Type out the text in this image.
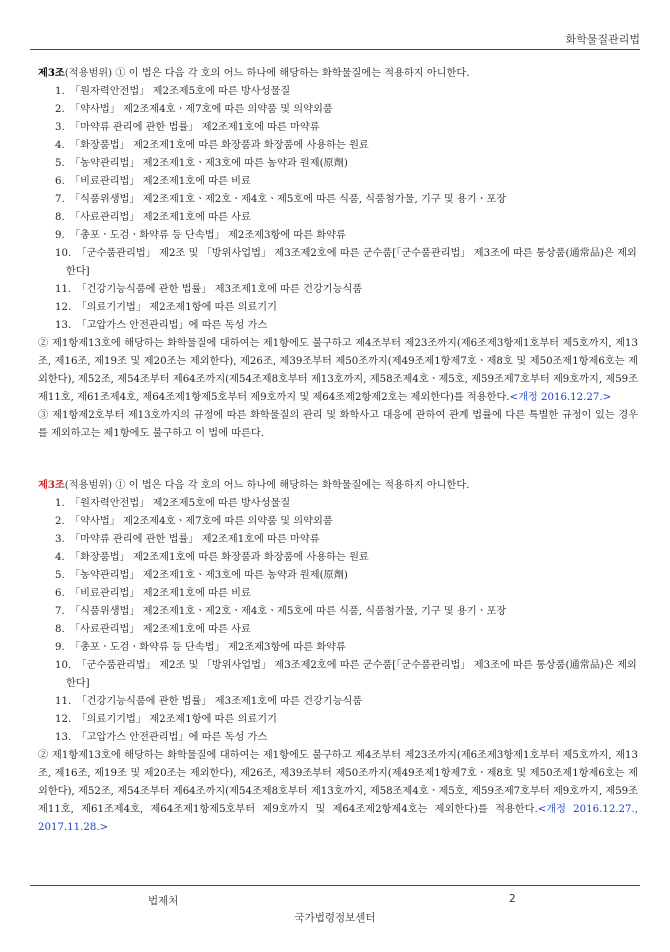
화학물질관리법
제3조(적용범위) ① 이 법은 다음 각 호의 어느 하나에 해당하는 화학물질에는 적용하지 아니한다.
1. 「원자력안전법」 제2조제5호에 따른 방사성물질
2. 「약사법」 제2조제4호ㆍ제7호에 따른 의약품 및 의약외품
3. 「마약류 관리에 관한 법률」 제2조제1호에 따른 마약류
4. 「화장품법」 제2조제1호에 따른 화장품과 화장품에 사용하는 원료
5. 「농약관리법」 제2조제1호ㆍ제3호에 따른 농약과 원제(原劑)
6. 「비료관리법」 제2조제1호에 따른 비료
7. 「식품위생법」 제2조제1호ㆍ제2호ㆍ제4호ㆍ제5호에 따른 식품, 식품첨가물, 기구 및 용기ㆍ포장
8. 「사료관리법」 제2조제1호에 따른 사료
9. 「총포ㆍ도검ㆍ화약류 등 단속법」 제2조제3항에 따른 화약류
10. 「군수품관리법」 제2조 및 「방위사업법」 제3조제2호에 따른 군수품[「군수품관리법」 제3조에 따른 통상품(通常品)은 제외한다]
11. 「건강기능식품에 관한 법률」 제3조제1호에 따른 건강기능식품
12. 「의료기기법」 제2조제1항에 따른 의료기기
13. 「고압가스 안전관리법」에 따른 독성 가스
② 제1항제13호에 해당하는 화학물질에 대하여는 제1항에도 불구하고 제4조부터 제23조까지(제6조제3항제1호부터 제5호까지, 제13조, 제16조, 제19조 및 제20조는 제외한다), 제26조, 제39조부터 제50조까지(제49조제1항제7호ㆍ제8호 및 제50조제1항제6호는 제외한다), 제52조, 제54조부터 제64조까지(제54조제8호부터 제13호까지, 제58조제4호ㆍ제5호, 제59조제7호부터 제9호까지, 제59조제11호, 제61조제4호, 제64조제1항제5호부터 제9호까지 및 제64조제2항제2호는 제외한다)를 적용한다.<개정 2016.12.27.>
③ 제1항제2호부터 제13호까지의 규정에 따른 화학물질의 관리 및 화학사고 대응에 관하여 관계 법률에 다른 특별한 규정이 있는 경우를 제외하고는 제1항에도 불구하고 이 법에 따른다.
제3조(적용범위) ① 이 법은 다음 각 호의 어느 하나에 해당하는 화학물질에는 적용하지 아니한다.
1. 「원자력안전법」 제2조제5호에 따른 방사성물질
2. 「약사법」 제2조제4호ㆍ제7호에 따른 의약품 및 의약외품
3. 「마약류 관리에 관한 법률」 제2조제1호에 따른 마약류
4. 「화장품법」 제2조제1호에 따른 화장품과 화장품에 사용하는 원료
5. 「농약관리법」 제2조제1호ㆍ제3호에 따른 농약과 원제(原劑)
6. 「비료관리법」 제2조제1호에 따른 비료
7. 「식품위생법」 제2조제1호ㆍ제2호ㆍ제4호ㆍ제5호에 따른 식품, 식품첨가물, 기구 및 용기ㆍ포장
8. 「사료관리법」 제2조제1호에 따른 사료
9. 「총포ㆍ도검ㆍ화약류 등 단속법」 제2조제3항에 따른 화약류
10. 「군수품관리법」 제2조 및 「방위사업법」 제3조제2호에 따른 군수품[「군수품관리법」 제3조에 따른 통상품(通常品)은 제외한다]
11. 「건강기능식품에 관한 법률」 제3조제1호에 따른 건강기능식품
12. 「의료기기법」 제2조제1항에 따른 의료기기
13. 「고압가스 안전관리법」에 따른 독성 가스
② 제1항제13호에 해당하는 화학물질에 대하여는 제1항에도 불구하고 제4조부터 제23조까지(제6조제3항제1호부터 제5호까지, 제13조, 제16조, 제19조 및 제20조는 제외한다), 제26조, 제39조부터 제50조까지(제49조제1항제7호ㆍ제8호 및 제50조제1항제6호는 제외한다), 제52조, 제54조부터 제64조까지(제54조제8호부터 제13호까지, 제58조제4호ㆍ제5호, 제59조제7호부터 제9호까지, 제59조제11호, 제61조제4호, 제64조제1항제5호부터 제9호까지 및 제64조제2항제4호는 제외한다)를 적용한다.<개정 2016.12.27., 2017.11.28.>
법제처	2
국가법령정보센터
